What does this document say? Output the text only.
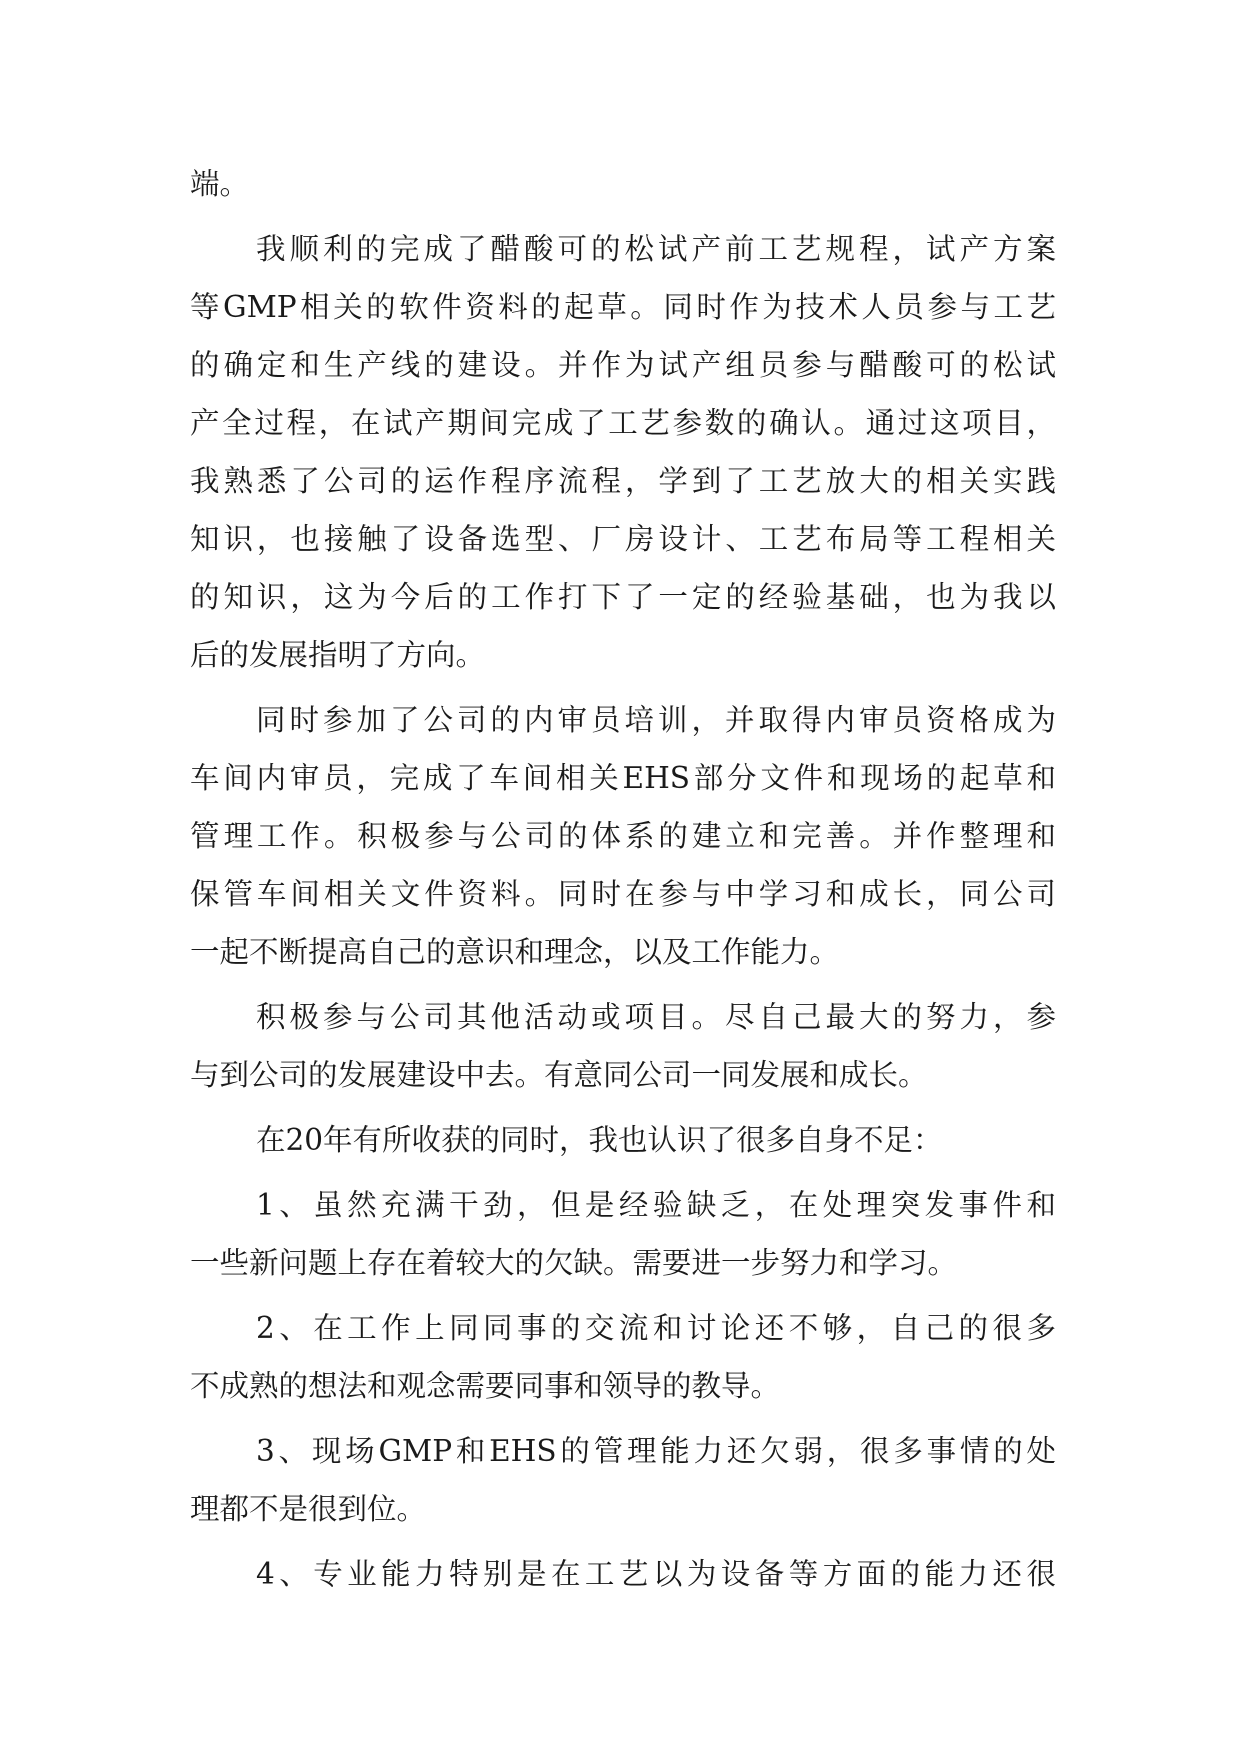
端。

我顺利的完成了醋酸可的松试产前工艺规程，试产方案

等GMP相关的软件资料的起草。同时作为技术人员参与工艺

的确定和生产线的建设。并作为试产组员参与醋酸可的松试

产全过程，在试产期间完成了工艺参数的确认。通过这项目，

我熟悉了公司的运作程序流程，学到了工艺放大的相关实践

知识，也接触了设备选型、厂房设计、工艺布局等工程相关

的知识，这为今后的工作打下了一定的经验基础，也为我以

后的发展指明了方向。

同时参加了公司的内审员培训，并取得内审员资格成为

车间内审员，完成了车间相关EHS部分文件和现场的起草和

管理工作。积极参与公司的体系的建立和完善。并作整理和

保管车间相关文件资料。同时在参与中学习和成长，同公司

一起不断提高自己的意识和理念，以及工作能力。

积极参与公司其他活动或项目。尽自己最大的努力，参

与到公司的发展建设中去。有意同公司一同发展和成长。

在20年有所收获的同时，我也认识了很多自身不足：

1、虽然充满干劲，但是经验缺乏，在处理突发事件和

一些新问题上存在着较大的欠缺。需要进一步努力和学习。

2、在工作上同同事的交流和讨论还不够，自己的很多

不成熟的想法和观念需要同事和领导的教导。

3、现场GMP和EHS的管理能力还欠弱，很多事情的处

理都不是很到位。

4、专业能力特别是在工艺以为设备等方面的能力还很
